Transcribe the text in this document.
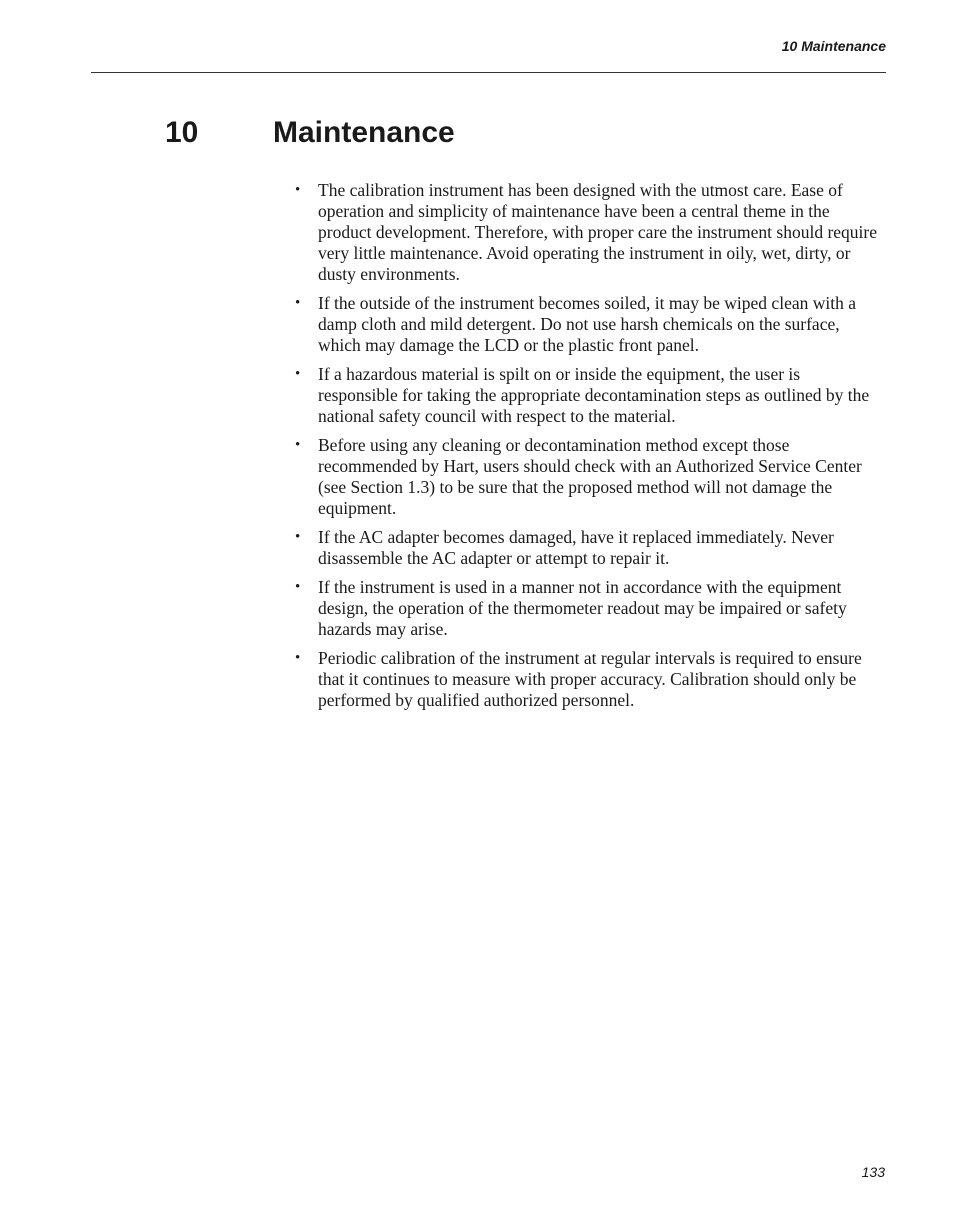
10 Maintenance
10 Maintenance
• The calibration instrument has been designed with the utmost care. Ease of operation and simplicity of maintenance have been a central theme in the product development. Therefore, with proper care the instrument should require very little maintenance. Avoid operating the instrument in oily, wet, dirty, or dusty environments.
• If the outside of the instrument becomes soiled, it may be wiped clean with a damp cloth and mild detergent. Do not use harsh chemicals on the surface, which may damage the LCD or the plastic front panel.
• If a hazardous material is spilt on or inside the equipment, the user is responsible for taking the appropriate decontamination steps as outlined by the national safety council with respect to the material.
• Before using any cleaning or decontamination method except those recommended by Hart, users should check with an Authorized Service Center (see Section 1.3) to be sure that the proposed method will not damage the equipment.
• If the AC adapter becomes damaged, have it replaced immediately. Never disassemble the AC adapter or attempt to repair it.
• If the instrument is used in a manner not in accordance with the equipment design, the operation of the thermometer readout may be impaired or safety hazards may arise.
• Periodic calibration of the instrument at regular intervals is required to ensure that it continues to measure with proper accuracy. Calibration should only be performed by qualified authorized personnel.
133
